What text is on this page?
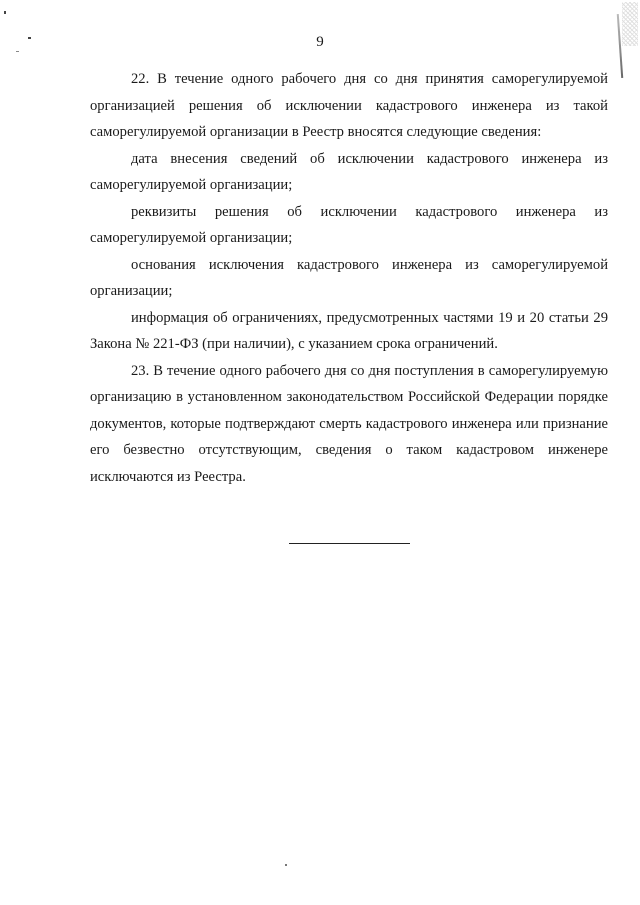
9

22. В течение одного рабочего дня со дня принятия саморегулируемой организацией решения об исключении кадастрового инженера из такой саморегулируемой организации в Реестр вносятся следующие сведения:

дата внесения сведений об исключении кадастрового инженера из саморегулируемой организации;

реквизиты решения об исключении кадастрового инженера из саморегулируемой организации;

основания исключения кадастрового инженера из саморегулируемой организации;

информация об ограничениях, предусмотренных частями 19 и 20 статьи 29 Закона № 221-ФЗ (при наличии), с указанием срока ограничений.

23. В течение одного рабочего дня со дня поступления в саморегулируемую организацию в установленном законодательством Российской Федерации порядке документов, которые подтверждают смерть кадастрового инженера или признание его безвестно отсутствующим, сведения о таком кадастровом инженере исключаются из Реестра.
